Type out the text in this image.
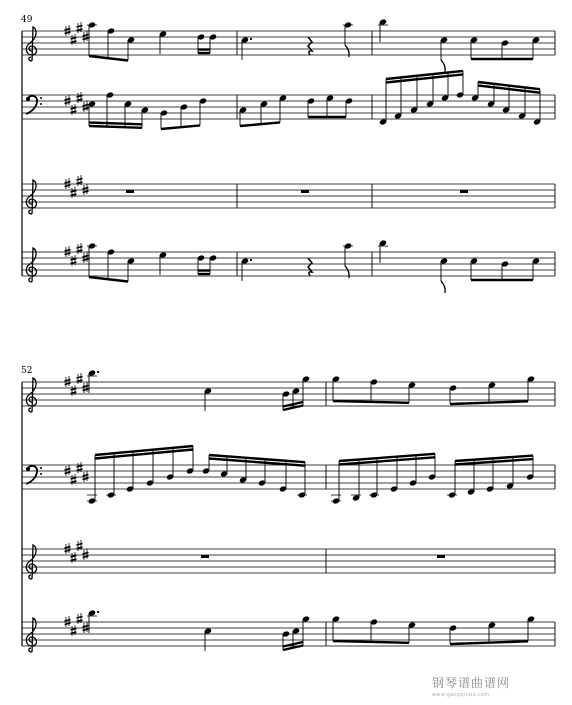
49
52
钢琴谱曲谱网
www.gangqinpu.com
